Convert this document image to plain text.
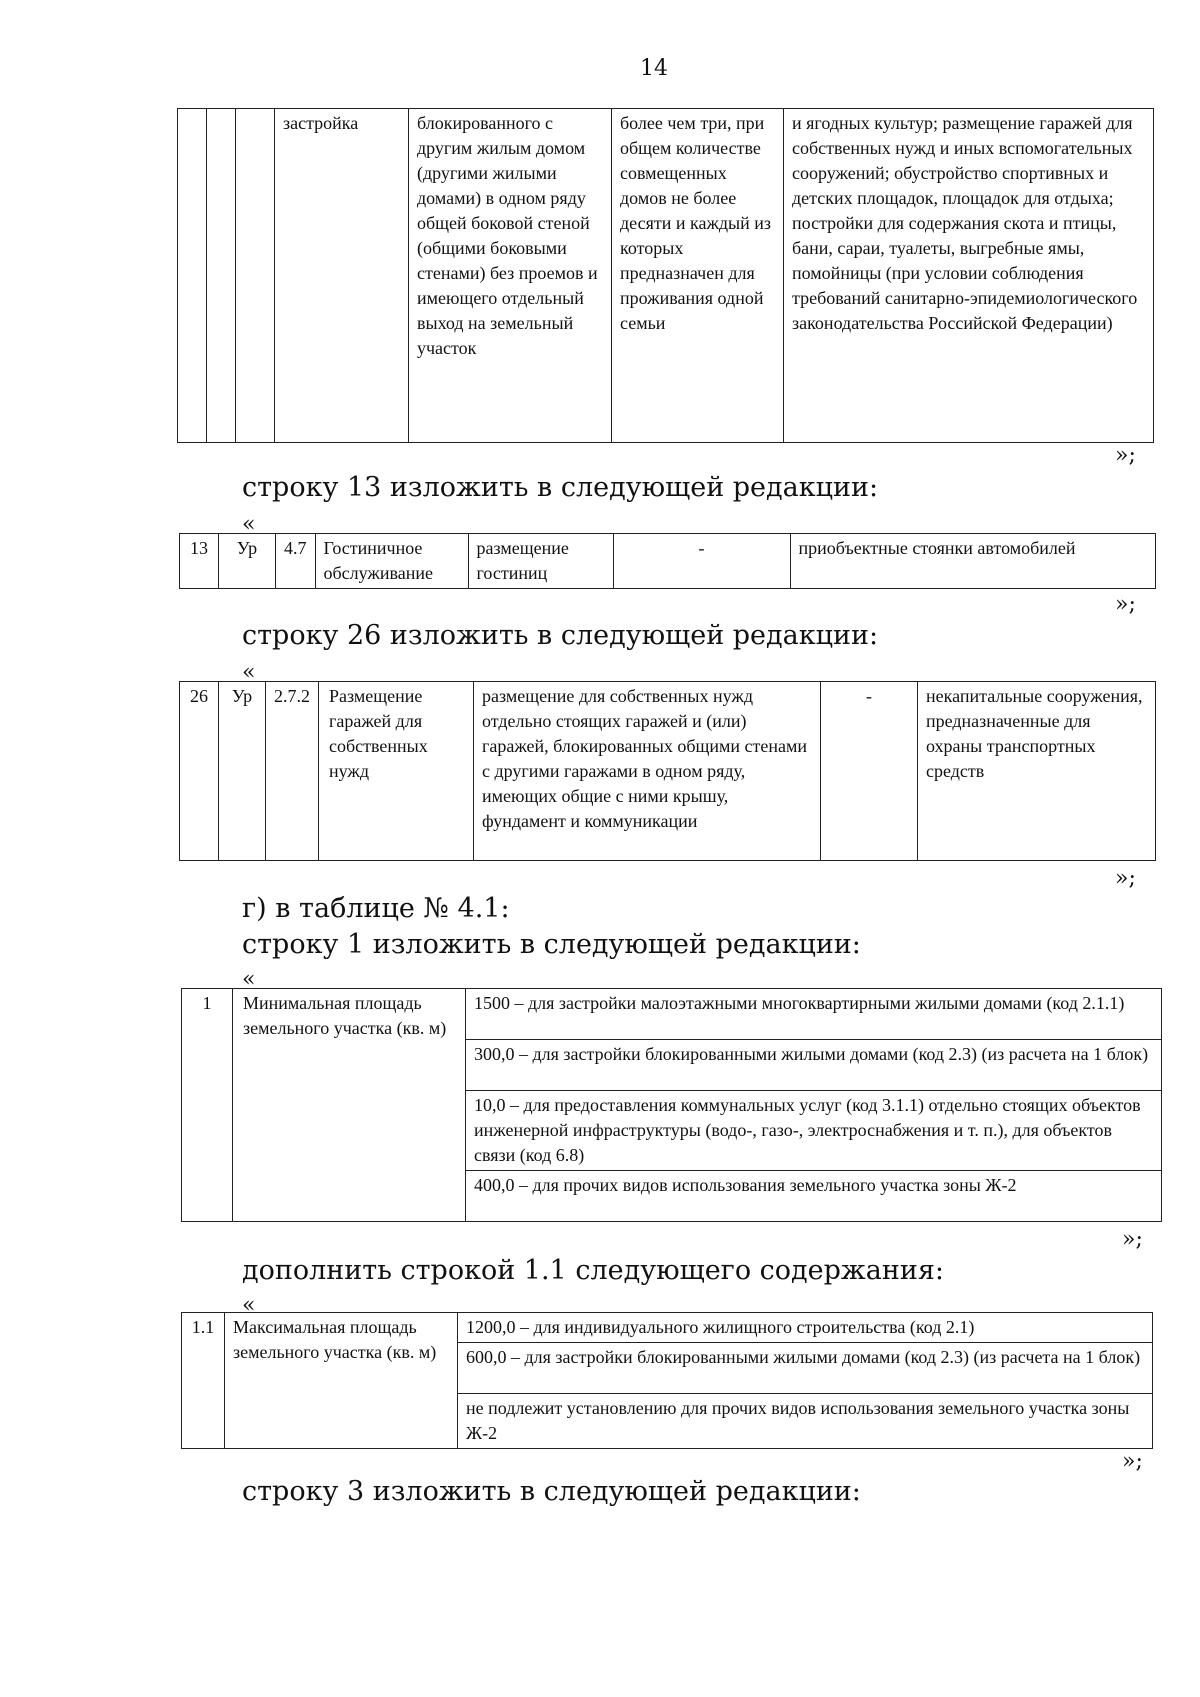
14
			застройка	блокированного с другим жилым домом (другими жилыми домами) в одном ряду общей боковой стеной (общими боковыми стенами) без проемов и имеющего отдельный выход на земельный участок	более чем три, при общем количестве совмещенных домов не более десяти и каждый из которых предназначен для проживания одной семьи	и ягодных культур; размещение гаражей для собственных нужд и иных вспомогательных сооружений; обустройство спортивных и детских площадок, площадок для отдыха; постройки для содержания скота и птицы, бани, сараи, туалеты, выгребные ямы, помойницы (при условии соблюдения требований санитарно-эпидемиологического законодательства Российской Федерации)
»;
строку 13 изложить в следующей редакции:
«
13	Ур	4.7	Гостиничное обслуживание	размещение гостиниц	-	приобъектные стоянки автомобилей
»;
строку 26 изложить в следующей редакции:
«
26	Ур	2.7.2	Размещение гаражей для собственных нужд	размещение для собственных нужд отдельно стоящих гаражей и (или) гаражей, блокированных общими стенами с другими гаражами в одном ряду, имеющих общие с ними крышу, фундамент и коммуникации	-	некапитальные сооружения, предназначенные для охраны транспортных средств
»;
г) в таблице № 4.1:
строку 1 изложить в следующей редакции:
«
1	Минимальная площадь земельного участка (кв. м)	1500 – для застройки малоэтажными многоквартирными жилыми домами (код 2.1.1)
300,0 – для застройки блокированными жилыми домами (код 2.3) (из расчета на 1 блок)
10,0 – для предоставления коммунальных услуг (код 3.1.1) отдельно стоящих объектов инженерной инфраструктуры (водо-, газо-, электроснабжения и т. п.), для объектов связи (код 6.8)
400,0 – для прочих видов использования земельного участка зоны Ж-2
»;
дополнить строкой 1.1 следующего содержания:
«
1.1	Максимальная площадь земельного участка (кв. м)	1200,0 – для индивидуального жилищного строительства (код 2.1)
600,0 – для застройки блокированными жилыми домами (код 2.3) (из расчета на 1 блок)
не подлежит установлению для прочих видов использования земельного участка зоны Ж-2
»;
строку 3 изложить в следующей редакции:
